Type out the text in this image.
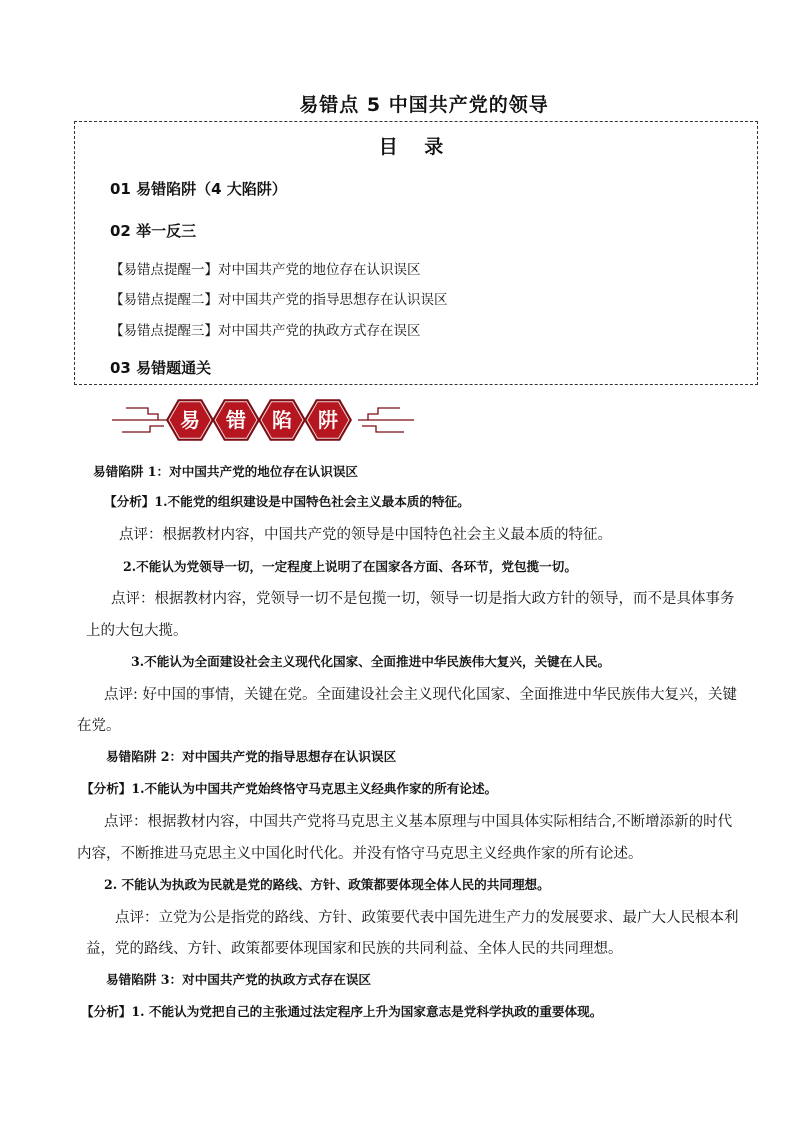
易错点 5 中国共产党的领导
目 录
01 易错陷阱（4 大陷阱）
02 举一反三
【易错点提醒一】对中国共产党的地位存在认识误区
【易错点提醒二】对中国共产党的指导思想存在认识误区
【易错点提醒三】对中国共产党的执政方式存在误区
03 易错题通关
易 错 陷 阱
易错陷阱 1：对中国共产党的地位存在认识误区
【分析】1.不能党的组织建设是中国特色社会主义最本质的特征。
点评：根据教材内容，中国共产党的领导是中国特色社会主义最本质的特征。
2.不能认为党领导一切，一定程度上说明了在国家各方面、各环节，党包揽一切。
点评：根据教材内容，党领导一切不是包揽一切，领导一切是指大政方针的领导，而不是具体事务
上的大包大揽。
3.不能认为全面建设社会主义现代化国家、全面推进中华民族伟大复兴，关键在人民。
点评: 好中国的事情，关键在党。全面建设社会主义现代化国家、全面推进中华民族伟大复兴，关键
在党。
易错陷阱 2：对中国共产党的指导思想存在认识误区
【分析】1.不能认为中国共产党始终恪守马克思主义经典作家的所有论述。
点评：根据教材内容，中国共产党将马克思主义基本原理与中国具体实际相结合,不断增添新的时代
内容，不断推进马克思主义中国化时代化。并没有恪守马克思主义经典作家的所有论述。
2. 不能认为执政为民就是党的路线、方针、政策都要体现全体人民的共同理想。
点评：立党为公是指党的路线、方针、政策要代表中国先进生产力的发展要求、最广大人民根本利
益，党的路线、方针、政策都要体现国家和民族的共同利益、全体人民的共同理想。
易错陷阱 3：对中国共产党的执政方式存在误区
【分析】1. 不能认为党把自己的主张通过法定程序上升为国家意志是党科学执政的重要体现。
